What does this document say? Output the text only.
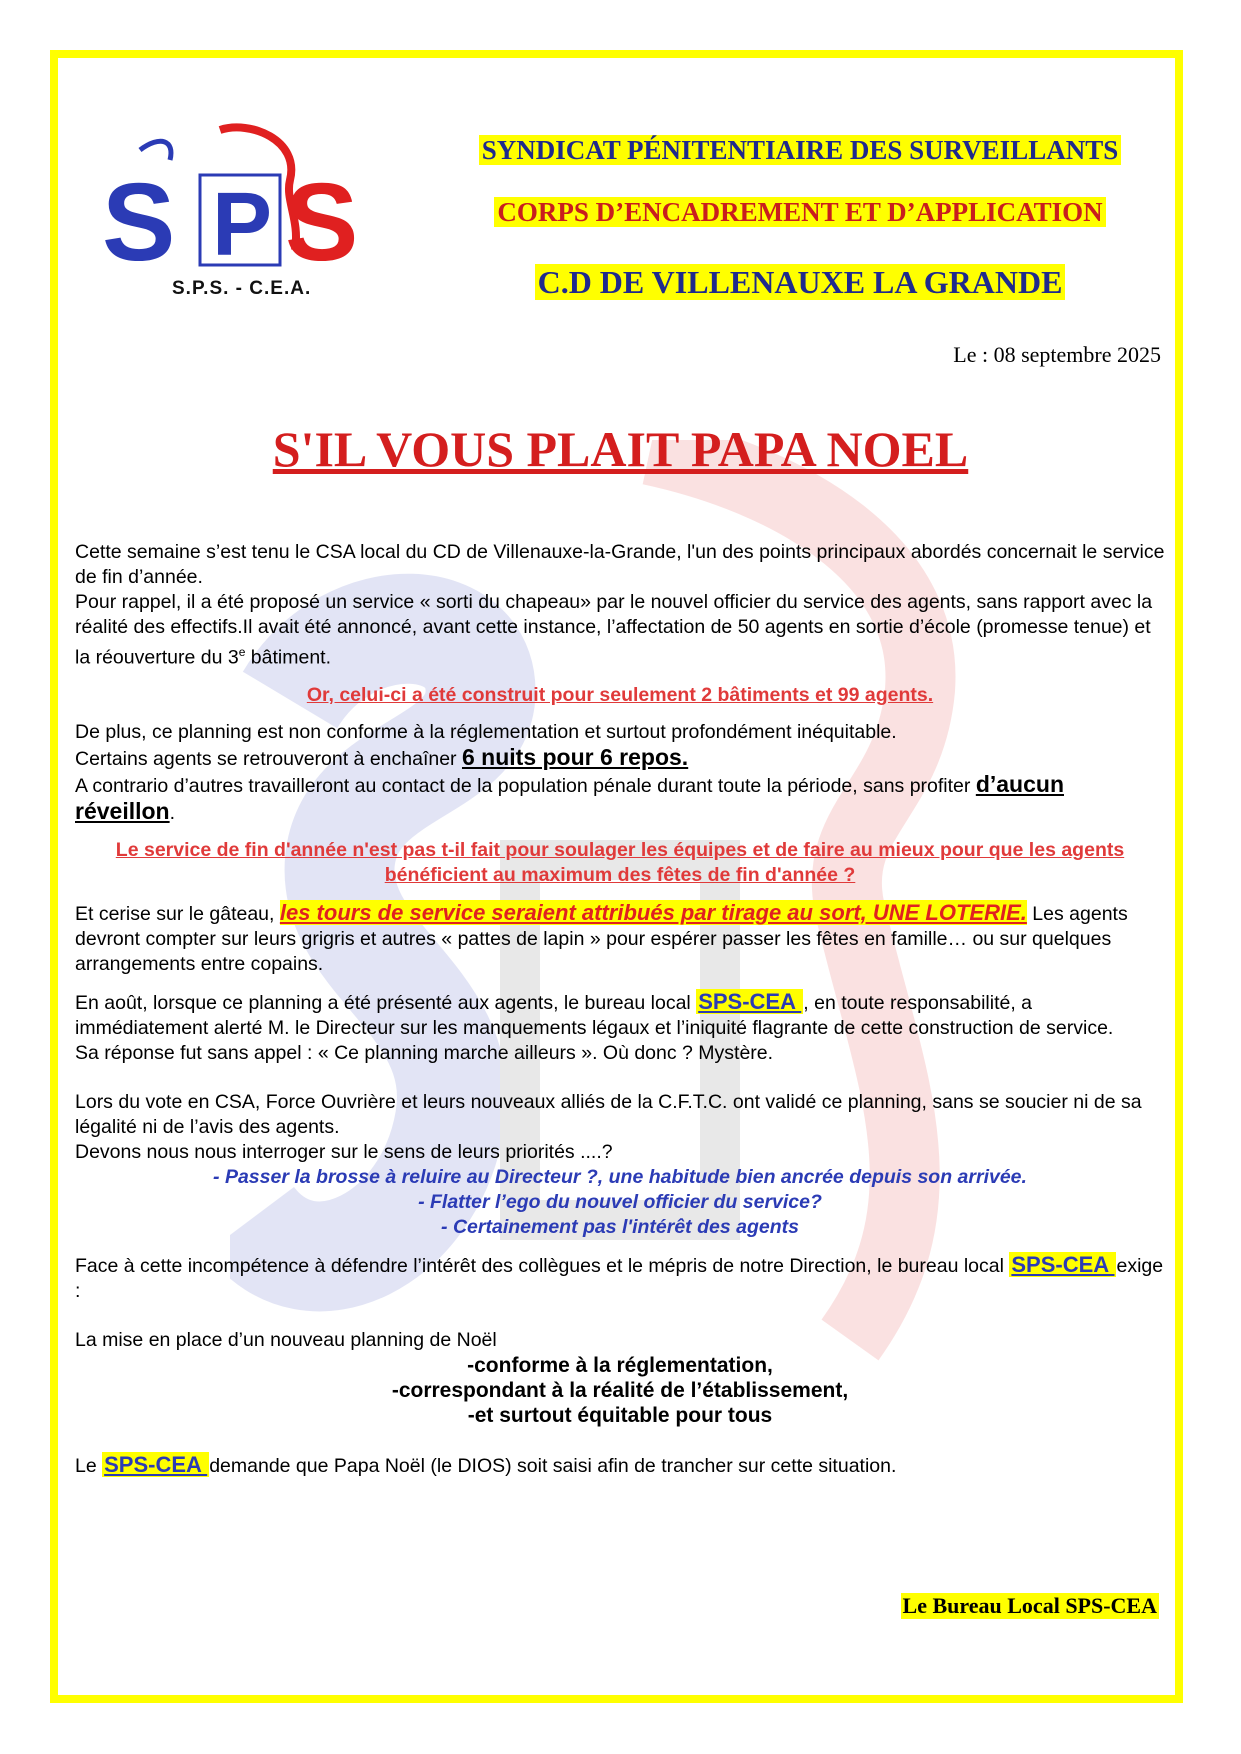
S P S
S.P.S. - C.E.A.
SYNDICAT PÉNITENTIAIRE DES SURVEILLANTS
CORPS D’ENCADREMENT ET D’APPLICATION
C.D DE VILLENAUXE LA GRANDE
Le : 08 septembre 2025
S'IL VOUS PLAIT PAPA NOEL

Cette semaine s’est tenu le CSA local du CD de Villenauxe-la-Grande, l'un des points principaux abordés concernait le service de fin d’année.

Pour rappel, il a été proposé un service « sorti du chapeau» par le nouvel officier du service des agents, sans rapport avec la réalité des effectifs.Il avait été annoncé, avant cette instance, l’affectation de 50 agents en sortie d’école (promesse tenue) et la réouverture du 3e bâtiment.

Or, celui-ci a été construit pour seulement 2 bâtiments et 99 agents.

De plus, ce planning est non conforme à la réglementation et surtout profondément inéquitable.

Certains agents se retrouveront à enchaîner 6 nuits pour 6 repos.

A contrario d’autres travailleront au contact de la population pénale durant toute la période, sans profiter d’aucun réveillon.

Le service de fin d'année n'est pas t-il fait pour soulager les équipes et de faire au mieux pour que les agents bénéficient au maximum des fêtes de fin d'année ?

Et cerise sur le gâteau, les tours de service seraient attribués par tirage au sort, UNE LOTERIE. Les agents devront compter sur leurs grigris et autres « pattes de lapin » pour espérer passer les fêtes en famille… ou sur quelques arrangements entre copains.

En août, lorsque ce planning a été présenté aux agents, le bureau local SPS-CEA , en toute responsabilité, a immédiatement alerté M. le Directeur sur les manquements légaux et l’iniquité flagrante de cette construction de service.

Sa réponse fut sans appel : « Ce planning marche ailleurs ». Où donc ? Mystère.

Lors du vote en CSA, Force Ouvrière et leurs nouveaux alliés de la C.F.T.C. ont validé ce planning, sans se soucier ni de sa légalité ni de l’avis des agents.

Devons nous nous interroger sur le sens de leurs priorités ....?

- Passer la brosse à reluire au Directeur ?, une habitude bien ancrée depuis son arrivée.

- Flatter l’ego du nouvel officier du service?

- Certainement pas l'intérêt des agents

Face à cette incompétence à défendre l’intérêt des collègues et le mépris de notre Direction, le bureau local SPS-CEA exige :

La mise en place d’un nouveau planning de Noël

-conforme à la réglementation,

-correspondant à la réalité de l’établissement,

-et surtout équitable pour tous

Le SPS-CEA demande que Papa Noël (le DIOS) soit saisi afin de trancher sur cette situation.

Le Bureau Local SPS-CEA
